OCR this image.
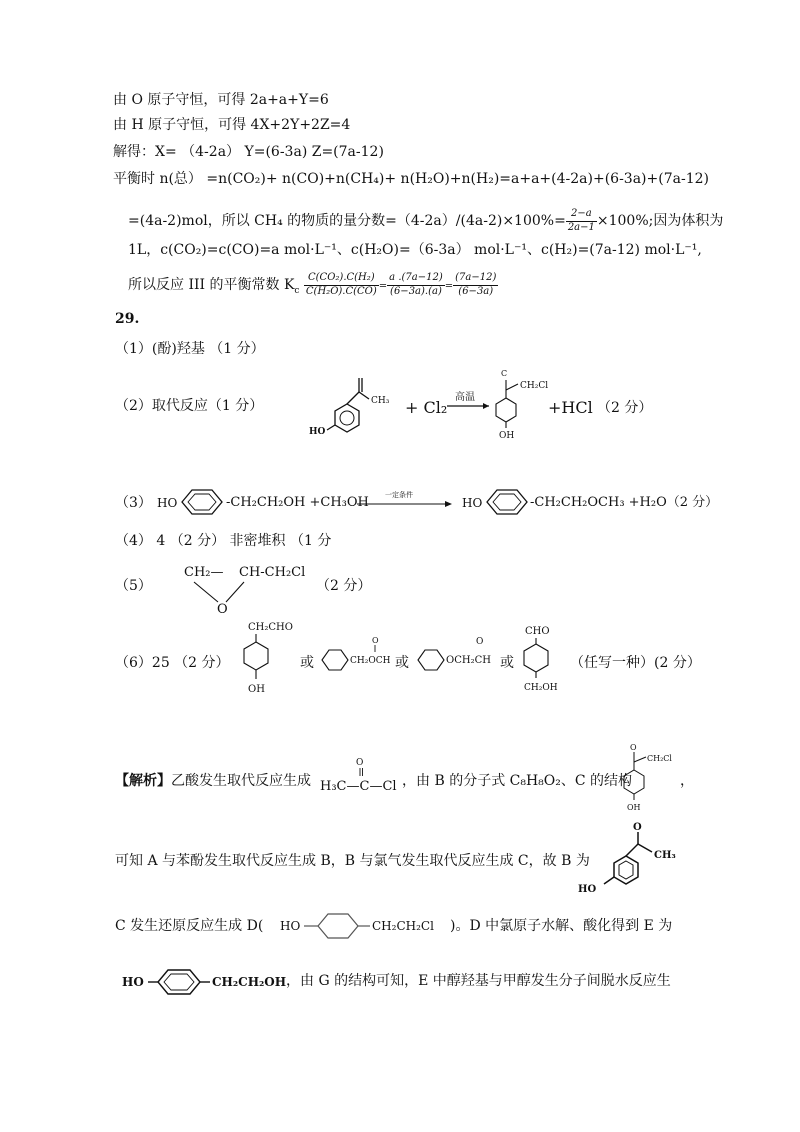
由 O 原子守恒，可得 2a+a+Y=6
由 H 原子守恒，可得 4X+2Y+2Z=4
解得：X= （4-2a） Y=(6-3a) Z=(7a-12)
平衡时 n(总） =n(CO₂)+ n(CO)+n(CH₄)+ n(H₂O)+n(H₂)=a+a+(4-2a)+(6-3a)+(7a-12)
=(4a-2)mol，所以 CH₄ 的物质的量分数$=(4-2a)/(4a-2)\times 100\%= \frac{2-a}{2a-1} \times 100\%$;因为体积为
1L，c(CO₂)=c(CO)=a mol·L⁻¹、c(H₂O)=（6-3a） mol·L⁻¹、c(H₂)=(7a-12) mol·L⁻¹,
所以反应 III 的平衡常数 $K_c \frac{\text{C(CO₂).C(H₂)}}{\text{C(H₂O).C(CO)}} = \frac{a .(7a-12)}{(6-3a).(a)} = \frac{(7a-12)}{(6-3a)}$
29.
（1）(酚)羟基 （1 分）
（2）取代反应（1 分）	CH₃
HO
+ Cl₂
高温
C
CH₂Cl
OH
+HCl （2 分）
（3） HO	-CH₂CH₂OH +CH₃OH 一定条件
HO	-CH₂CH₂OCH₃ +H₂O（2 分）
（4） 4 （2 分） 非密堆积 （1 分
（5）
CH₂— CH-CH₂Cl
O
（2 分）
（6）25 （2 分）
CH₂CHO
OH
或	CH₂OCH
O
或	OCH₂CH
O
或
CHO
CH₂OH
（任写一种）(2 分）
【解析】乙酸发生取代反应生成
O
H₃C—C—Cl ，由 B 的分子式 C₈H₈O₂、C 的结构
O
CH₂Cl
OH
，
可知 A 与苯酚发生取代反应生成 B，B 与氯气发生取代反应生成 C，故 B 为
O
CH₃
HO
C 发生还原反应生成 D( HO	CH₂CH₂Cl )。D 中氯原子水解、酸化得到 E 为
HO	CH₂CH₂OH ，由 G 的结构可知，E 中醇羟基与甲醇发生分子间脱水反应生
